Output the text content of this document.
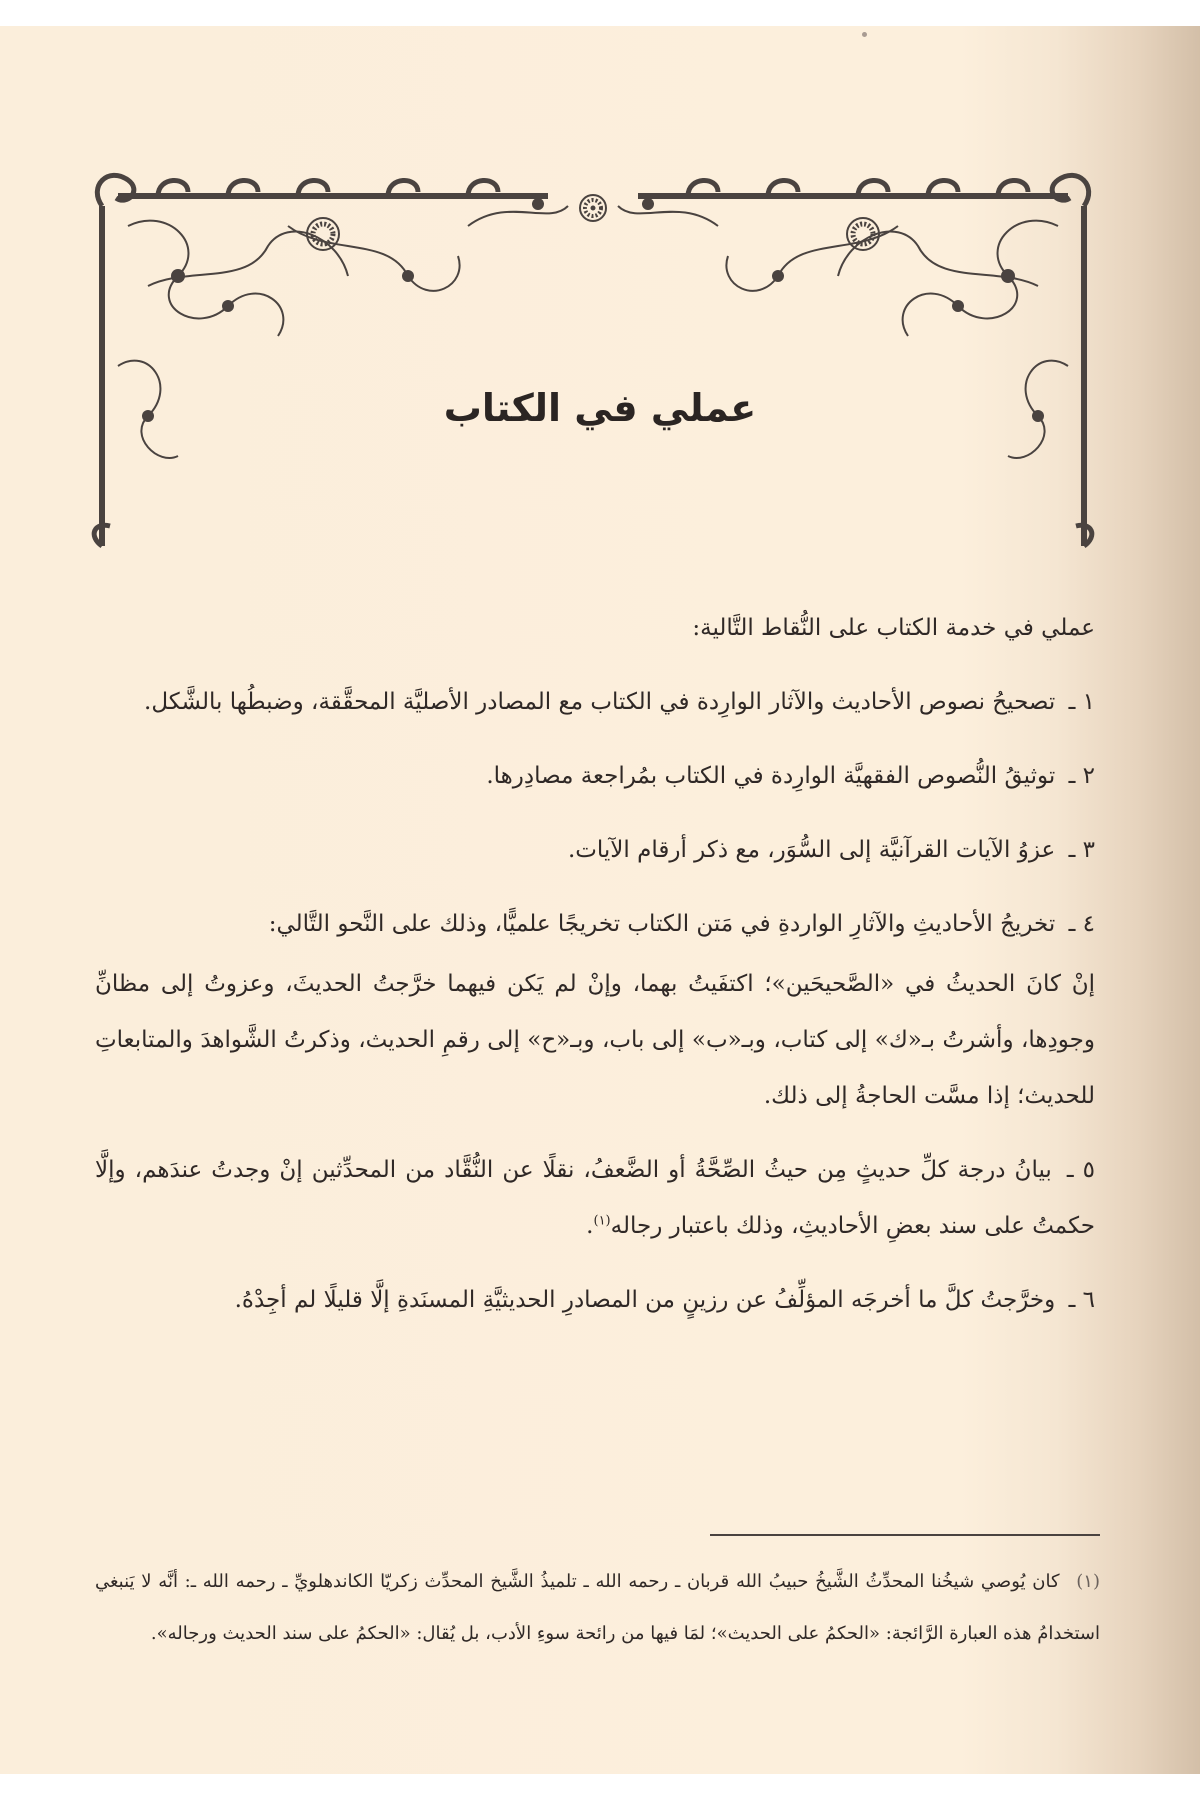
عملي في الكتاب

عملي في خدمة الكتاب على النُّقاط التَّالية:

١ ـ تصحيحُ نصوص الأحاديث والآثار الوارِدة في الكتاب مع المصادر الأصليَّة المحقَّقة، وضبطُها بالشَّكل.

٢ ـ توثيقُ النُّصوص الفقهيَّة الوارِدة في الكتاب بمُراجعة مصادِرها.

٣ ـ عزوُ الآيات القرآنيَّة إلى السُّوَر، مع ذكر أرقام الآيات.

٤ ـ تخريجُ الأحاديثِ والآثارِ الواردةِ في مَتن الكتاب تخريجًا علميًّا، وذلك على النَّحو التَّالي:

إنْ كانَ الحديثُ في «الصَّحيحَين»؛ اكتفَيتُ بهما، وإنْ لم يَكن فيهما خرَّجتُ الحديثَ، وعزوتُ إلى مظانِّ وجودِها، وأشرتُ بـ«ك» إلى كتاب، وبـ«ب» إلى باب، وبـ«ح» إلى رقمِ الحديث، وذكرتُ الشَّواهدَ والمتابعاتِ للحديث؛ إذا مسَّت الحاجةُ إلى ذلك.

٥ ـ بيانُ درجة كلِّ حديثٍ مِن حيثُ الصِّحَّةُ أو الضَّعفُ، نقلًا عن النُّقَّاد من المحدِّثين إنْ وجدتُ عندَهم، وإلَّا حكمتُ على سند بعضِ الأحاديثِ، وذلك باعتبار رجاله$^{(١)}$.

٦ ـ وخرَّجتُ كلَّ ما أخرجَه المؤلِّفُ عن رزينٍ من المصادرِ الحديثيَّةِ المسنَدةِ إلَّا قليلًا لم أجِدْهُ.

(١) كان يُوصي شيخُنا المحدِّثُ الشَّيخُ حبيبُ الله قربان ـ رحمه الله ـ تلميذُ الشَّيخ المحدِّث زكريّا الكاندهلويِّ ـ رحمه الله ـ: أنَّه لا يَنبغي استخدامُ هذه العبارة الرَّائجة: «الحكمُ على الحديث»؛ لمَا فيها من رائحة سوءِ الأدب، بل يُقال: «الحكمُ على سند الحديث ورجاله».
